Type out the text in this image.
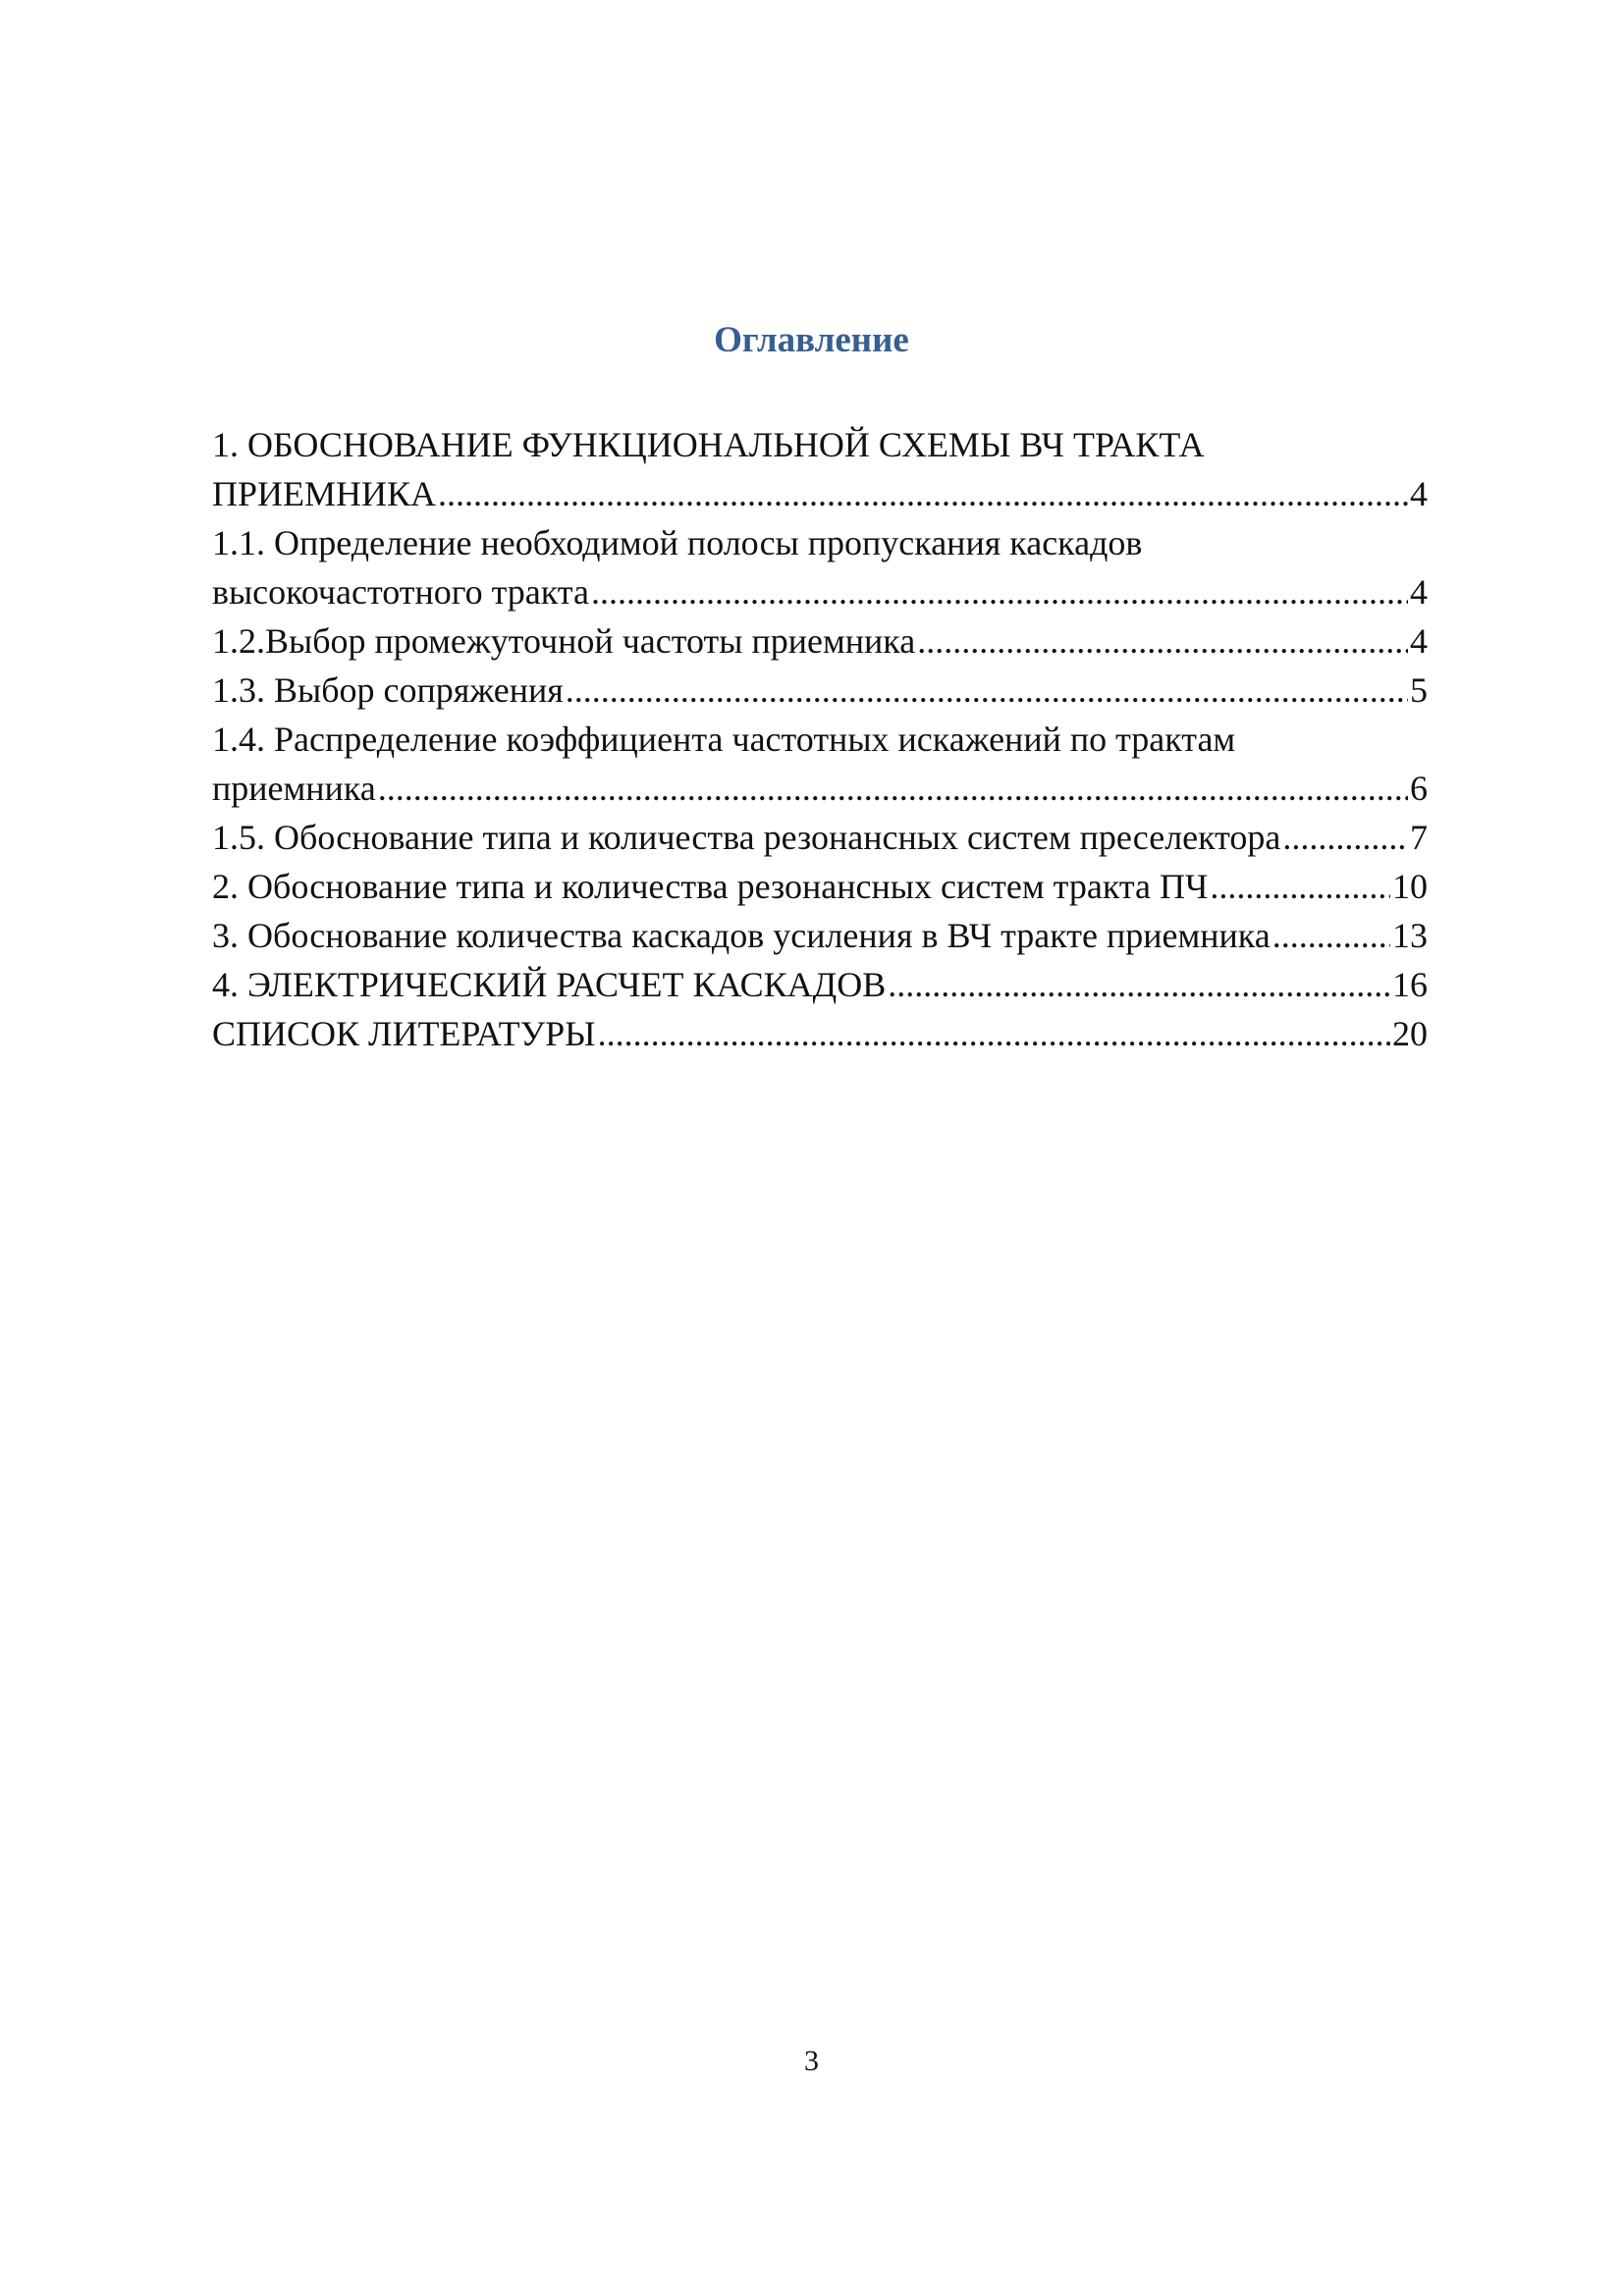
Оглавление
1. ОБОСНОВАНИЕ ФУНКЦИОНАЛЬНОЙ СХЕМЫ ВЧ ТРАКТА
ПРИЕМНИКА .....	4
1.1. Определение необходимой полосы пропускания каскадов
высокочастотного тракта .....	4
1.2.Выбор промежуточной частоты приемника .....	4
1.3. Выбор сопряжения .....	5
1.4. Распределение коэффициента частотных искажений по трактам
приемника .....	6
1.5. Обоснование типа и количества резонансных систем преселектора .....	7
2. Обоснование типа и количества резонансных систем тракта ПЧ .....	10
3. Обоснование количества каскадов усиления в ВЧ тракте приемника .....	13
4. ЭЛЕКТРИЧЕСКИЙ РАСЧЕТ КАСКАДОВ .....	16
СПИСОК ЛИТЕРАТУРЫ .....	20
3
